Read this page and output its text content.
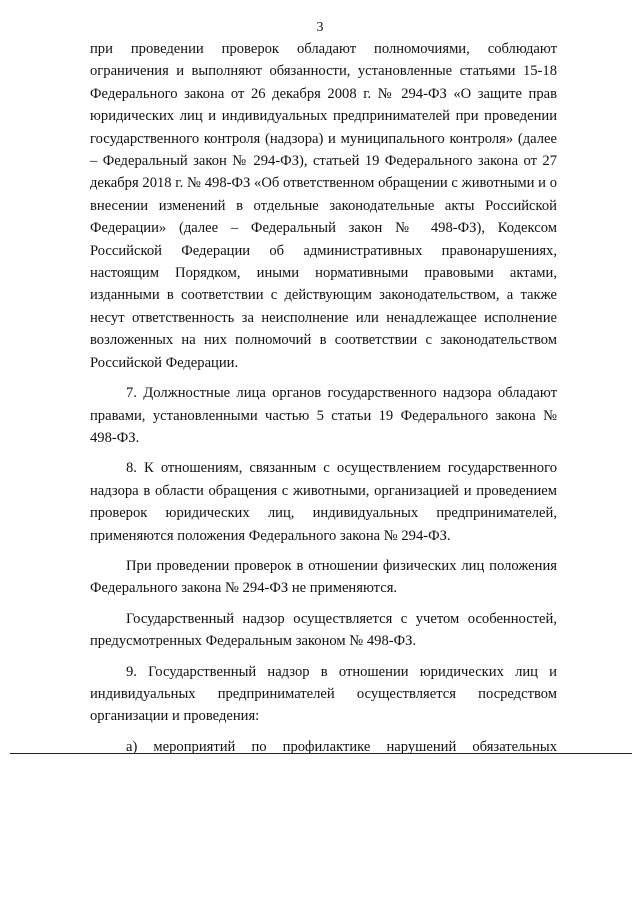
3

при проведении проверок обладают полномочиями, соблюдают ограничения и выполняют обязанности, установленные статьями 15-18 Федерального закона от 26 декабря 2008 г. № 294-ФЗ «О защите прав юридических лиц и индивидуальных предпринимателей при проведении государственного контроля (надзора) и муниципального контроля» (далее – Федеральный закон № 294-ФЗ), статьей 19 Федерального закона от 27 декабря 2018 г. № 498-ФЗ «Об ответственном обращении с животными и о внесении изменений в отдельные законодательные акты Российской Федерации» (далее – Федеральный закон № 498-ФЗ), Кодексом Российской Федерации об административных правонарушениях, настоящим Порядком, иными нормативными правовыми актами, изданными в соответствии с действующим законодательством, а также несут ответственность за неисполнение или ненадлежащее исполнение возложенных на них полномочий в соответствии с законодательством Российской Федерации.

7. Должностные лица органов государственного надзора обладают правами, установленными частью 5 статьи 19 Федерального закона № 498-ФЗ.

8. К отношениям, связанным с осуществлением государственного надзора в области обращения с животными, организацией и проведением проверок юридических лиц, индивидуальных предпринимателей, применяются положения Федерального закона № 294-ФЗ.

При проведении проверок в отношении физических лиц положения Федерального закона № 294-ФЗ не применяются.

Государственный надзор осуществляется с учетом особенностей, предусмотренных Федеральным законом № 498-ФЗ.

9. Государственный надзор в отношении юридических лиц и индивидуальных предпринимателей осуществляется посредством организации и проведения:

а) мероприятий по профилактике нарушений обязательных
